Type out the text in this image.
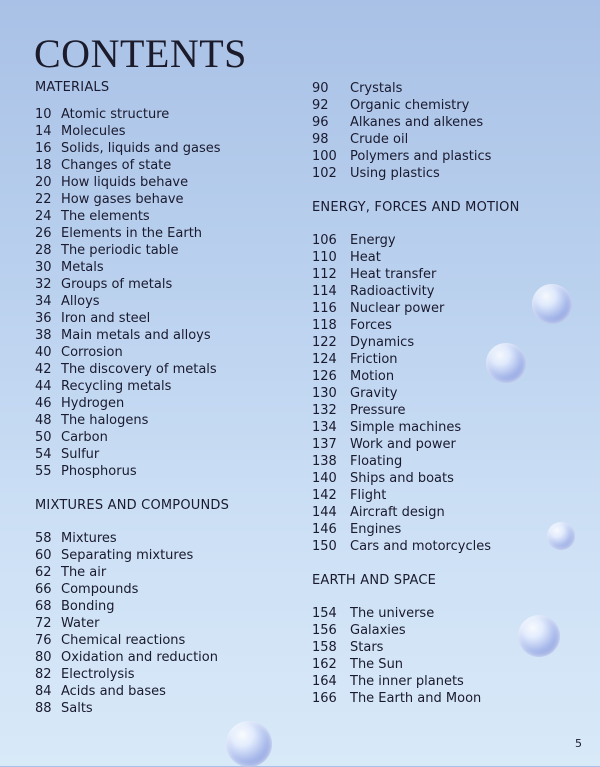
CONTENTS
MATERIALS
10 Atomic structure
14 Molecules
16 Solids, liquids and gases
18 Changes of state
20 How liquids behave
22 How gases behave
24 The elements
26 Elements in the Earth
28 The periodic table
30 Metals
32 Groups of metals
34 Alloys
36 Iron and steel
38 Main metals and alloys
40 Corrosion
42 The discovery of metals
44 Recycling metals
46 Hydrogen
48 The halogens
50 Carbon
54 Sulfur
55 Phosphorus
MIXTURES AND COMPOUNDS
58 Mixtures
60 Separating mixtures
62 The air
66 Compounds
68 Bonding
72 Water
76 Chemical reactions
80 Oxidation and reduction
82 Electrolysis
84 Acids and bases
88 Salts
90	Crystals
92	Organic chemistry
96	Alkanes and alkenes
98	Crude oil
100	Polymers and plastics
102	Using plastics
ENERGY, FORCES AND MOTION
106	Energy
110	Heat
112	Heat transfer
114	Radioactivity
116	Nuclear power
118	Forces
122	Dynamics
124	Friction
126	Motion
130	Gravity
132	Pressure
134	Simple machines
137	Work and power
138	Floating
140	Ships and boats
142	Flight
144	Aircraft design
146	Engines
150	Cars and motorcycles
EARTH AND SPACE
154	The universe
156	Galaxies
158	Stars
162	The Sun
164	The inner planets
166	The Earth and Moon
5
